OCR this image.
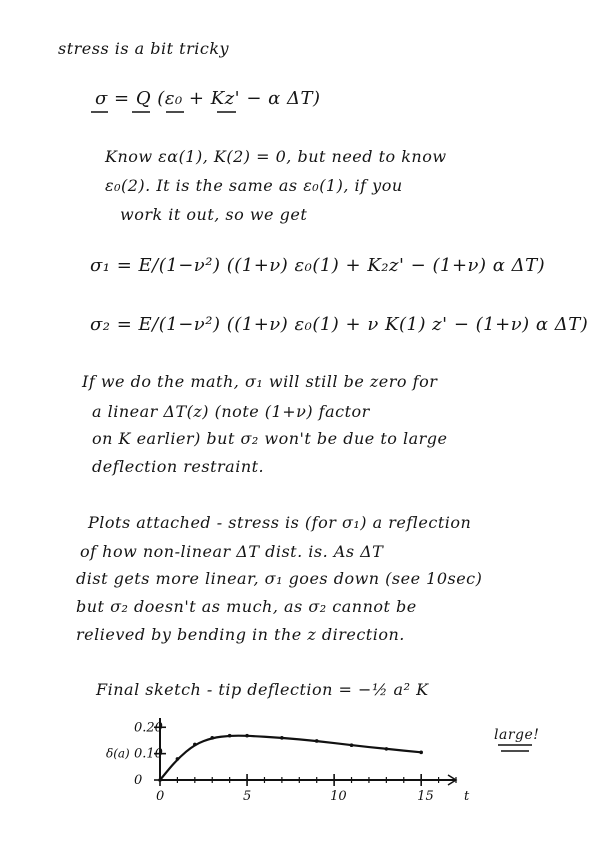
stress is a bit tricky
σ = Q (ε₀ + Kz' − α ΔT)
Know εα(1), K(2) = 0, but need to know
ε₀(2). It is the same as ε₀(1), if you
work it out, so we get
σ₁ = E/(1−ν²) ((1+ν) ε₀(1) + K₂z' − (1+ν) α ΔT)
σ₂ = E/(1−ν²) ((1+ν) ε₀(1) + ν K(1) z' − (1+ν) α ΔT)
If we do the math, σ₁ will still be zero for
a linear ΔT(z) (note (1+ν) factor
on K earlier) but σ₂ won't be due to large
deflection restraint.
Plots attached - stress is (for σ₁) a reflection
of how non-linear ΔT dist. is. As ΔT
dist gets more linear, σ₁ goes down (see 10sec)
but σ₂ doesn't as much, as σ₂ cannot be
relieved by bending in the z direction.
Final sketch - tip deflection = −½ a² K
large!
0	5	10	15
0
0.10
0.20
δ(a)
t
